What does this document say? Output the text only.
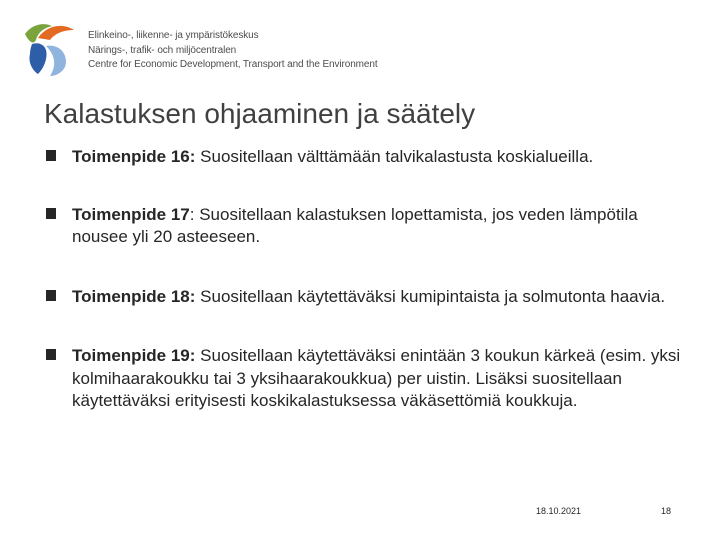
Elinkeino-, liikenne- ja ympäristökeskus
Närings-, trafik- och miljöcentralen
Centre for Economic Development, Transport and the Environment
Kalastuksen ohjaaminen ja säätely
Toimenpide 16: Suositellaan välttämään talvikalastusta koskialueilla.
Toimenpide 17: Suositellaan kalastuksen lopettamista, jos veden lämpötila nousee yli 20 asteeseen.
Toimenpide 18: Suositellaan käytettäväksi kumipintaista ja solmutonta haavia.
Toimenpide 19: Suositellaan käytettäväksi enintään 3 koukun kärkeä (esim. yksi kolmihaarakoukku tai 3 yksihaarakoukkua) per uistin. Lisäksi suositellaan käytettäväksi erityisesti koskikalastuksessa väkäsettömiä koukkuja.
18.10.2021	18
